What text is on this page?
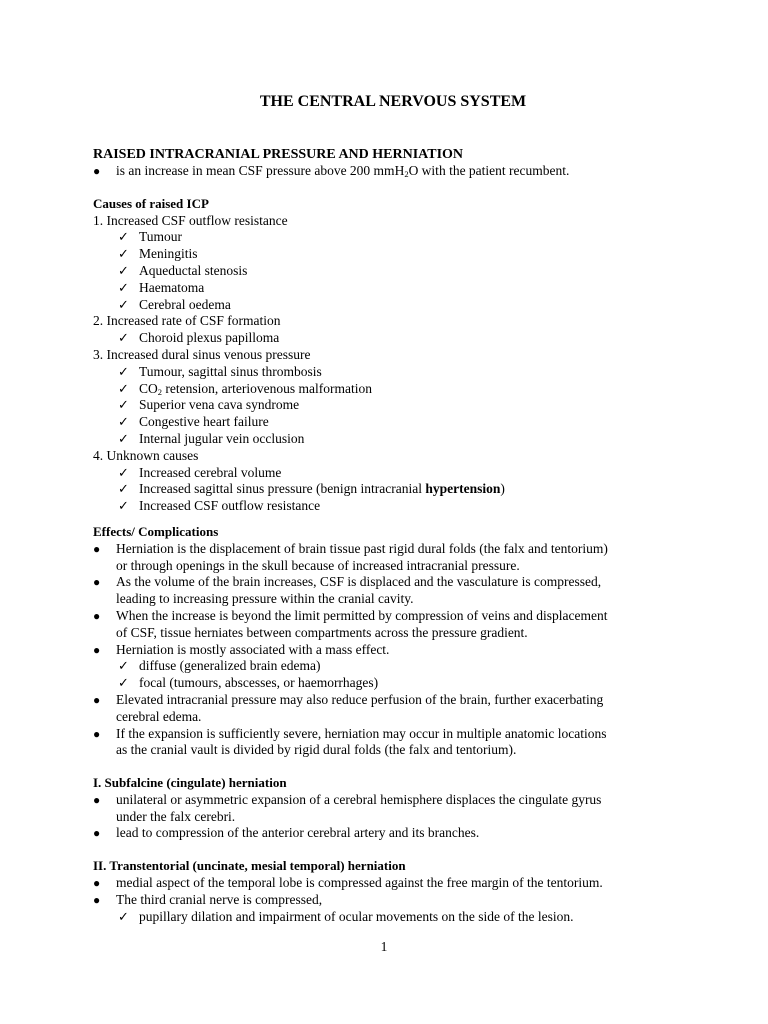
THE CENTRAL NERVOUS SYSTEM
RAISED INTRACRANIAL PRESSURE AND HERNIATION
● is an increase in mean CSF pressure above 200 mmH$_2$O with the patient recumbent.
Causes of raised ICP
1. Increased CSF outflow resistance
✓ Tumour
✓ Meningitis
✓ Aqueductal stenosis
✓ Haematoma
✓ Cerebral oedema
2. Increased rate of CSF formation
✓ Choroid plexus papilloma
3. Increased dural sinus venous pressure
✓ Tumour, sagittal sinus thrombosis
✓ $CO_2$ retension, arteriovenous malformation
✓ Superior vena cava syndrome
✓ Congestive heart failure
✓ Internal jugular vein occlusion
4. Unknown causes
✓ Increased cerebral volume
✓ Increased sagittal sinus pressure (benign intracranial hypertension)
✓ Increased CSF outflow resistance
Effects/ Complications
● Herniation is the displacement of brain tissue past rigid dural folds (the falx and tentorium)
or through openings in the skull because of increased intracranial pressure.
● As the volume of the brain increases, CSF is displaced and the vasculature is compressed,
leading to increasing pressure within the cranial cavity.
● When the increase is beyond the limit permitted by compression of veins and displacement
of CSF, tissue herniates between compartments across the pressure gradient.
● Herniation is mostly associated with a mass effect.
✓ diffuse (generalized brain edema)
✓ focal (tumours, abscesses, or haemorrhages)
● Elevated intracranial pressure may also reduce perfusion of the brain, further exacerbating
cerebral edema.
● If the expansion is sufficiently severe, herniation may occur in multiple anatomic locations
as the cranial vault is divided by rigid dural folds (the falx and tentorium).
I. Subfalcine (cingulate) herniation
● unilateral or asymmetric expansion of a cerebral hemisphere displaces the cingulate gyrus
under the falx cerebri.
● lead to compression of the anterior cerebral artery and its branches.
II. Transtentorial (uncinate, mesial temporal) herniation
● medial aspect of the temporal lobe is compressed against the free margin of the tentorium.
● The third cranial nerve is compressed,
✓ pupillary dilation and impairment of ocular movements on the side of the lesion.
1
